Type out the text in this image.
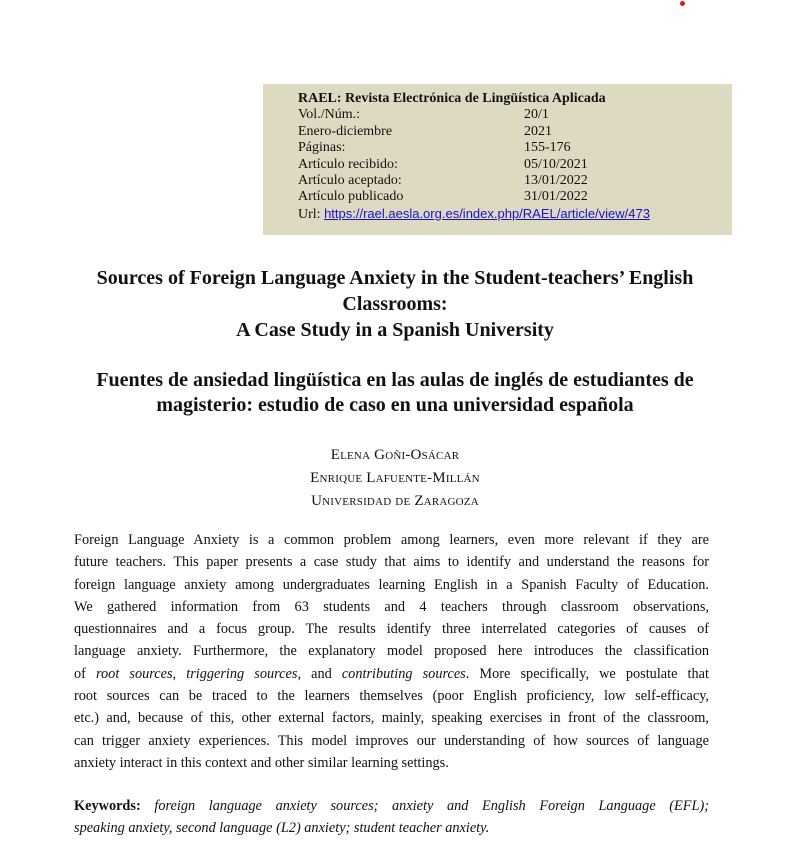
RAEL: Revista Electrónica de Lingüística Aplicada
Vol./Núm.:	20/1
Enero-diciembre	2021
Páginas:	155-176
Artículo recibido:	05/10/2021
Artículo aceptado:	13/01/2022
Artículo publicado	31/01/2022
Url: https://rael.aesla.org.es/index.php/RAEL/article/view/473
Sources of Foreign Language Anxiety in the Student-teachers’ English
Classrooms:
A Case Study in a Spanish University
Fuentes de ansiedad lingüística en las aulas de inglés de estudiantes de
magisterio: estudio de caso en una universidad española
Elena Goñi-Osácar
Enrique Lafuente-Millán
Universidad de Zaragoza
Foreign Language Anxiety is a common problem among learners, even more relevant if they are
future teachers. This paper presents a case study that aims to identify and understand the reasons for
foreign language anxiety among undergraduates learning English in a Spanish Faculty of Education.
We gathered information from 63 students and 4 teachers through classroom observations,
questionnaires and a focus group. The results identify three interrelated categories of causes of
language anxiety. Furthermore, the explanatory model proposed here introduces the classification
of root sources, triggering sources, and contributing sources. More specifically, we postulate that
root sources can be traced to the learners themselves (poor English proficiency, low self-efficacy,
etc.) and, because of this, other external factors, mainly, speaking exercises in front of the classroom,
can trigger anxiety experiences. This model improves our understanding of how sources of language
anxiety interact in this context and other similar learning settings.
Keywords: foreign language anxiety sources; anxiety and English Foreign Language (EFL);
speaking anxiety, second language (L2) anxiety; student teacher anxiety.
